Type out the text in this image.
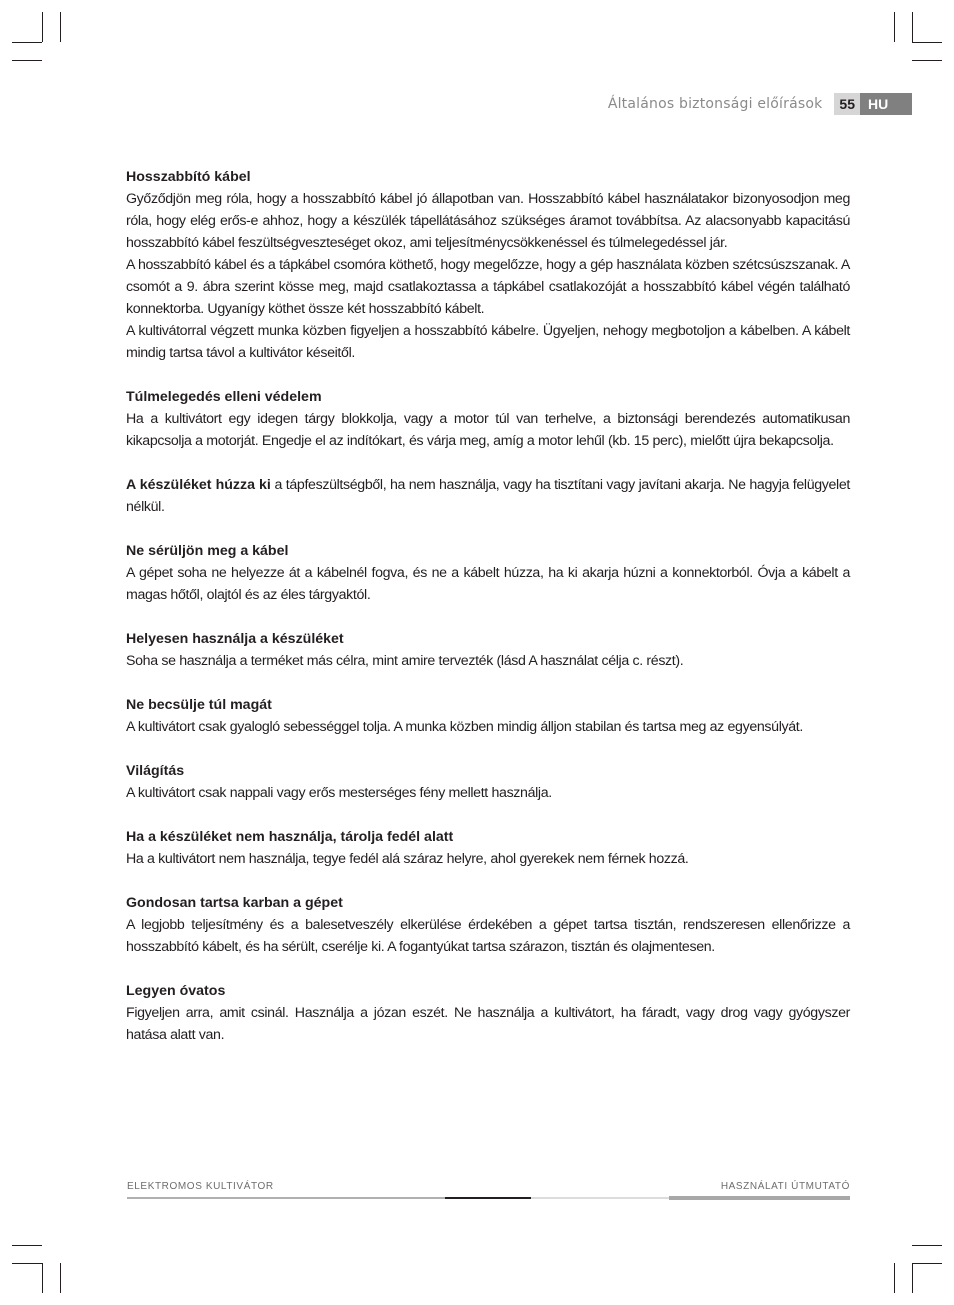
Általános biztonsági előírások	55 HU
Hosszabbító kábel
Győződjön meg róla, hogy a hosszabbító kábel jó állapotban van. Hosszabbító kábel használatakor bizonyosodjon meg róla, hogy elég erős-e ahhoz, hogy a készülék tápellátásához szükséges áramot továbbítsa. Az alacsonyabb kapacitású hosszabbító kábel feszültségveszteséget okoz, ami teljesítménycsökkenéssel és túlmelegedéssel jár.
A hosszabbító kábel és a tápkábel csomóra köthető, hogy megelőzze, hogy a gép használata közben szétcsúszszanak. A csomót a 9. ábra szerint kösse meg, majd csatlakoztassa a tápkábel csatlakozóját a hosszabbító kábel végén található konnektorba. Ugyanígy köthet össze két hosszabbító kábelt.
A kultivátorral végzett munka közben figyeljen a hosszabbító kábelre. Ügyeljen, nehogy megbotoljon a kábelben. A kábelt mindig tartsa távol a kultivátor késeitől.
Túlmelegedés elleni védelem
Ha a kultivátort egy idegen tárgy blokkolja, vagy a motor túl van terhelve, a biztonsági berendezés automatikusan kikapcsolja a motorját. Engedje el az indítókart, és várja meg, amíg a motor lehűl (kb. 15 perc), mielőtt újra bekapcsolja.
A készüléket húzza ki a tápfeszültségből, ha nem használja, vagy ha tisztítani vagy javítani akarja. Ne hagyja felügyelet nélkül.
Ne sérüljön meg a kábel
A gépet soha ne helyezze át a kábelnél fogva, és ne a kábelt húzza, ha ki akarja húzni a konnektorból. Óvja a kábelt a magas hőtől, olajtól és az éles tárgyaktól.
Helyesen használja a készüléket
Soha se használja a terméket más célra, mint amire tervezték (lásd A használat célja c. részt).
Ne becsülje túl magát
A kultivátort csak gyalogló sebességgel tolja. A munka közben mindig álljon stabilan és tartsa meg az egyensúlyát.
Világítás
A kultivátort csak nappali vagy erős mesterséges fény mellett használja.
Ha a készüléket nem használja, tárolja fedél alatt
Ha a kultivátort nem használja, tegye fedél alá száraz helyre, ahol gyerekek nem férnek hozzá.
Gondosan tartsa karban a gépet
A legjobb teljesítmény és a balesetveszély elkerülése érdekében a gépet tartsa tisztán, rendszeresen ellenőrizze a hosszabbító kábelt, és ha sérült, cserélje ki. A fogantyúkat tartsa szárazon, tisztán és olajmentesen.
Legyen óvatos
Figyeljen arra, amit csinál. Használja a józan eszét. Ne használja a kultivátort, ha fáradt, vagy drog vagy gyógyszer hatása alatt van.
ELEKTROMOS KULTIVÁTOR	HASZNÁLATI ÚTMUTATÓ
